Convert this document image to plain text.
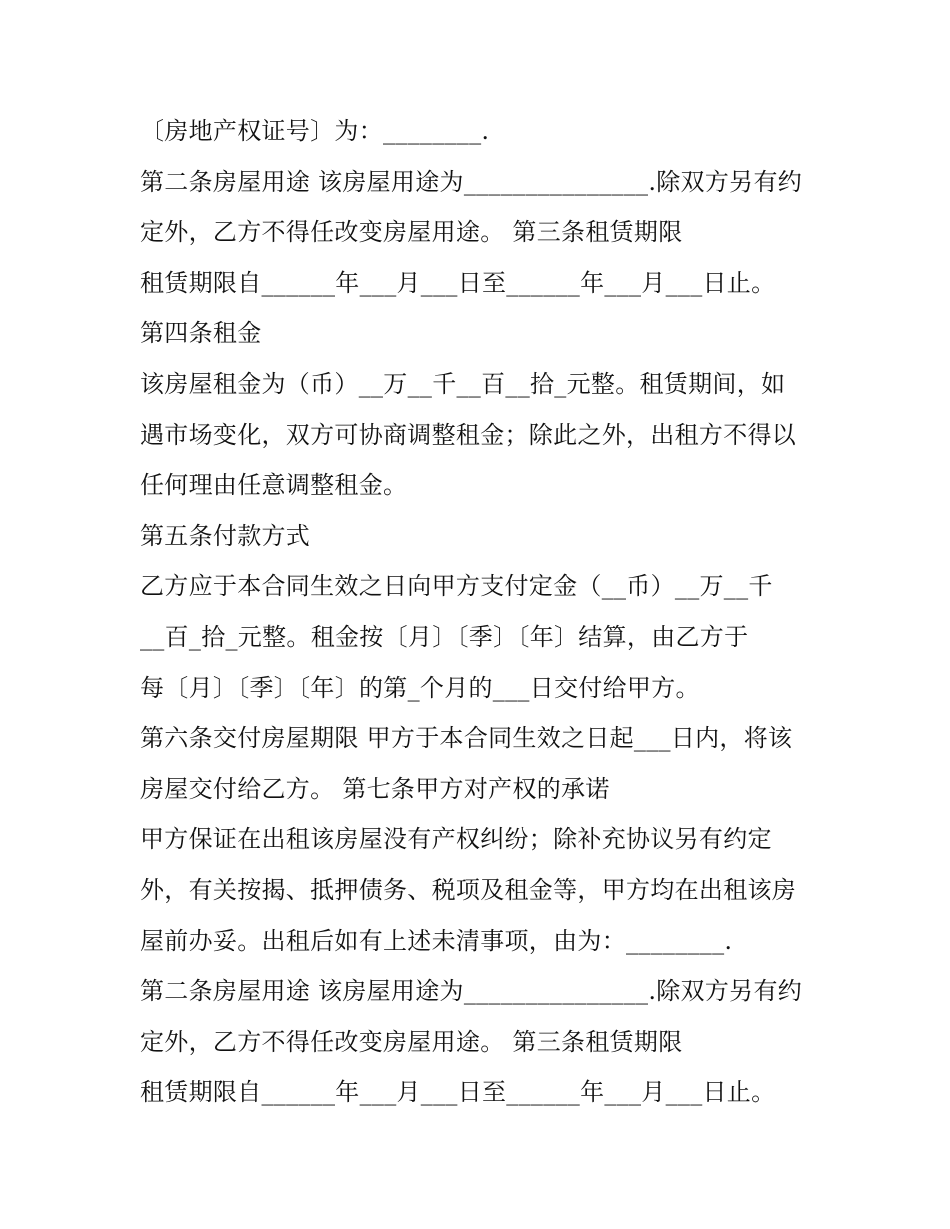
〔房地产权证号〕为：________.
第二条房屋用途 该房屋用途为_______________.除双方另有约
定外，乙方不得任改变房屋用途。 第三条租赁期限
租赁期限自______年___月___日至______年___月___日止。
第四条租金
该房屋租金为（币）__万__千__百__拾_元整。租赁期间，如
遇市场变化，双方可协商调整租金；除此之外，出租方不得以
任何理由任意调整租金。
第五条付款方式
乙方应于本合同生效之日向甲方支付定金（__币）__万__千
__百_拾_元整。租金按〔月〕〔季〕〔年〕结算，由乙方于
每〔月〕〔季〕〔年〕的第_个月的___日交付给甲方。
第六条交付房屋期限 甲方于本合同生效之日起___日内，将该
房屋交付给乙方。 第七条甲方对产权的承诺
甲方保证在出租该房屋没有产权纠纷；除补充协议另有约定
外，有关按揭、抵押债务、税项及租金等，甲方均在出租该房
屋前办妥。出租后如有上述未清事项，由为：________.
第二条房屋用途 该房屋用途为_______________.除双方另有约
定外，乙方不得任改变房屋用途。 第三条租赁期限
租赁期限自______年___月___日至______年___月___日止。
